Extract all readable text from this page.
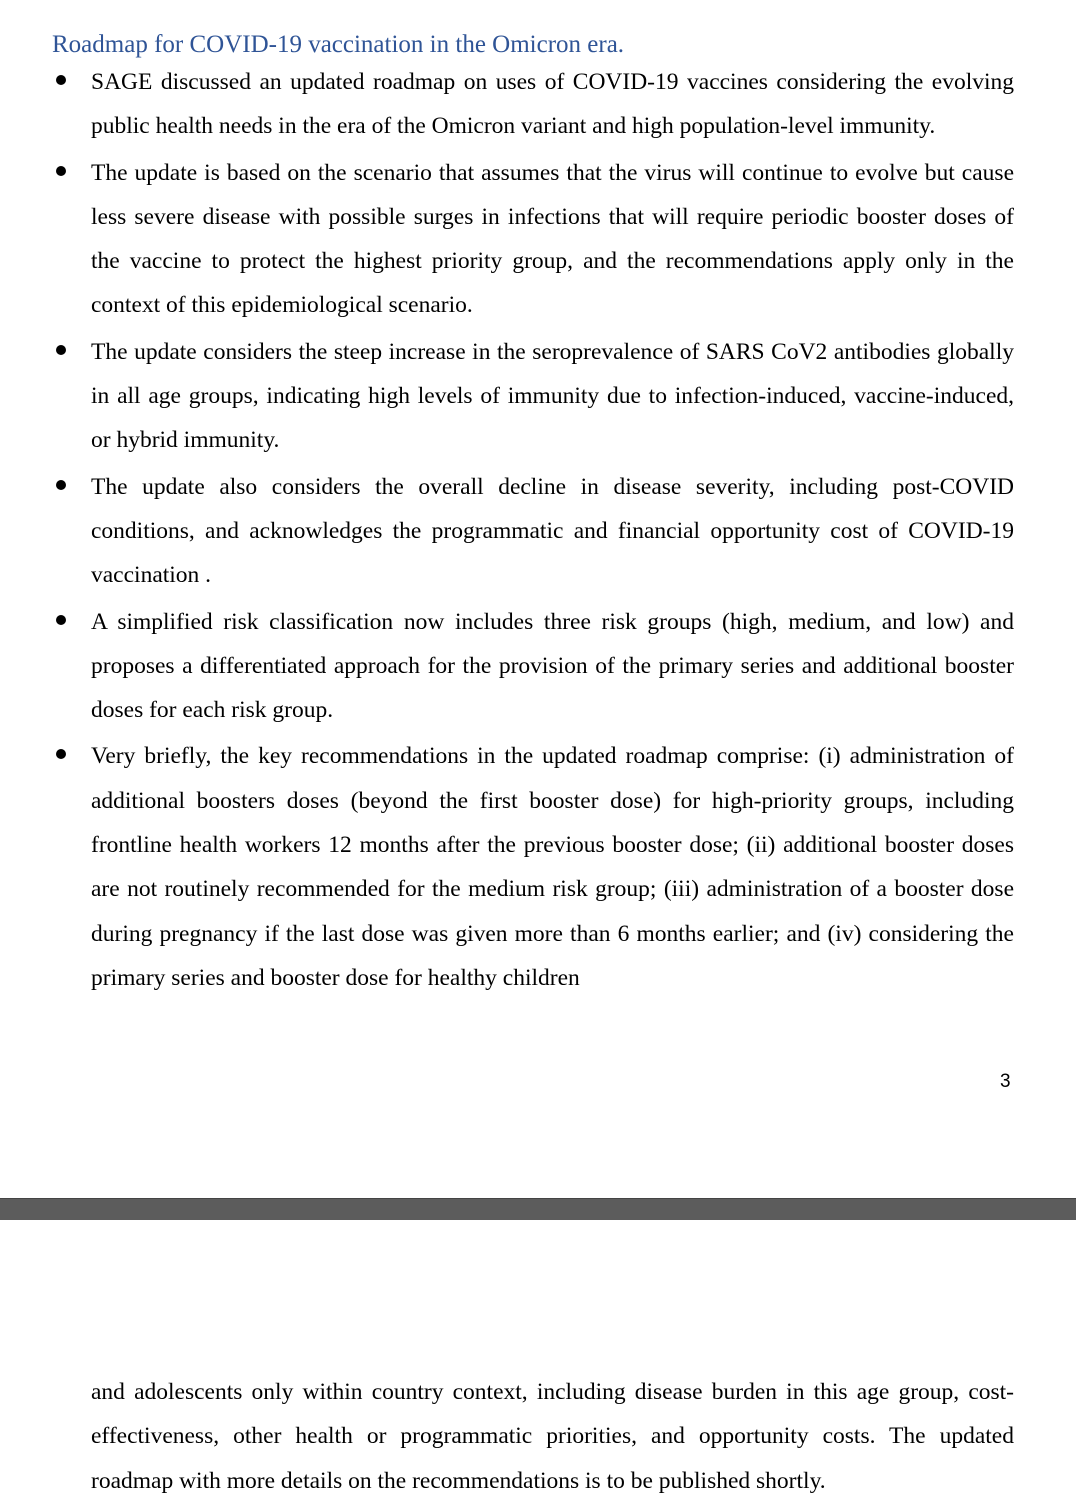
Roadmap for COVID-19 vaccination in the Omicron era.
SAGE discussed an updated roadmap on uses of COVID-19 vaccines considering the evolving public health needs in the era of the Omicron variant and high population-level immunity.
The update is based on the scenario that assumes that the virus will continue to evolve but cause less severe disease with possible surges in infections that will require periodic booster doses of the vaccine to protect the highest priority group, and the recommendations apply only in the context of this epidemiological scenario.
The update considers the steep increase in the seroprevalence of SARS CoV2 antibodies globally in all age groups, indicating high levels of immunity due to infection-induced, vaccine-induced, or hybrid immunity.
The update also considers the overall decline in disease severity, including post-COVID conditions, and acknowledges the programmatic and financial opportunity cost of COVID-19 vaccination .
A simplified risk classification now includes three risk groups (high, medium, and low) and proposes a differentiated approach for the provision of the primary series and additional booster doses for each risk group.
Very briefly, the key recommendations in the updated roadmap comprise: (i) administration of additional boosters doses (beyond the first booster dose) for high-priority groups, including frontline health workers 12 months after the previous booster dose; (ii) additional booster doses are not routinely recommended for the medium risk group; (iii) administration of a booster dose during pregnancy if the last dose was given more than 6 months earlier; and (iv) considering the primary series and booster dose for healthy children
3

and adolescents only within country context, including disease burden in this age group, cost-effectiveness, other health or programmatic priorities, and opportunity costs. The updated roadmap with more details on the recommendations is to be published shortly.
